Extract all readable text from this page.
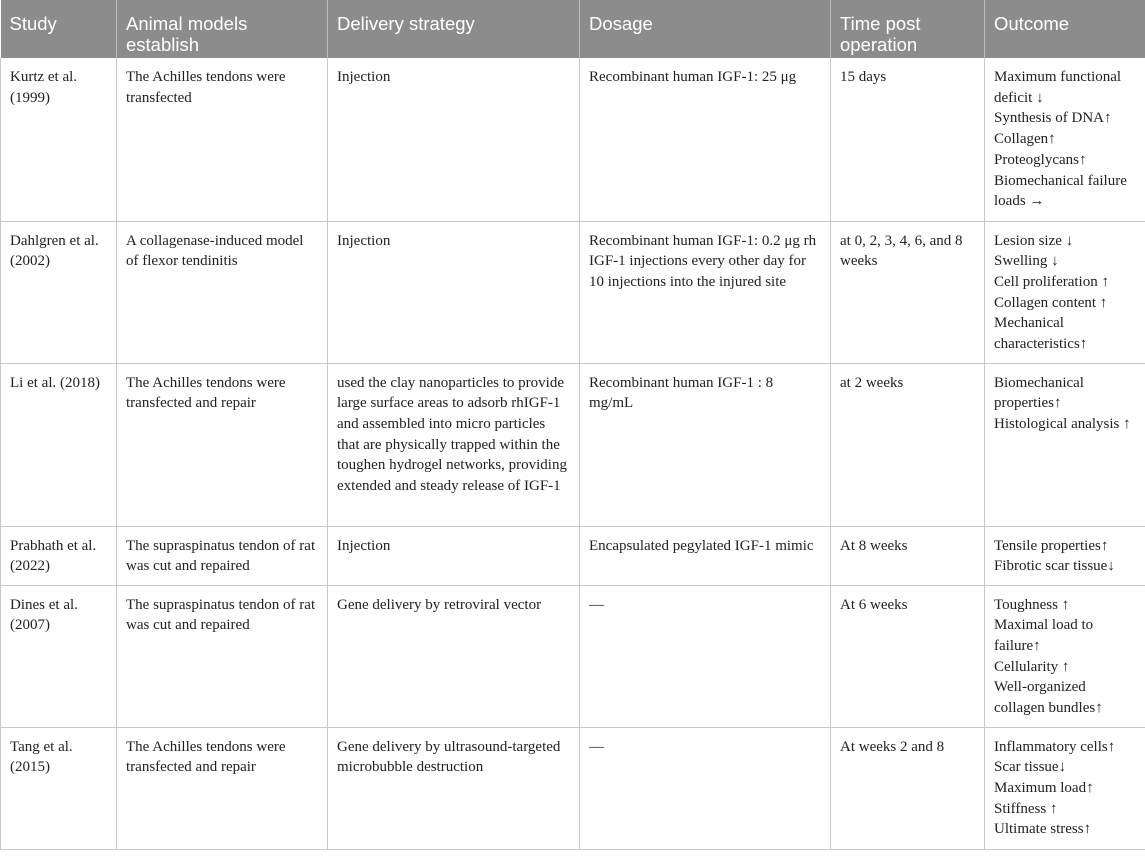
Study	Animal models establish	Delivery strategy	Dosage	Time post operation	Outcome
Kurtz et al. (1999)	The Achilles tendons were transfected	Injection	Recombinant human IGF-1: 25 μg	15 days	Maximum functional deficit ↓
Synthesis of DNA↑
Collagen↑
Proteoglycans↑
Biomechanical failure loads →

Dahlgren et al. (2002)	A collagenase-induced model of flexor tendinitis	Injection	Recombinant human IGF-1: 0.2 μg rh IGF-1 injections every other day for 10 injections into the injured site	at 0, 2, 3, 4, 6, and 8 weeks	Lesion size ↓
Swelling ↓
Cell proliferation ↑
Collagen content ↑
Mechanical characteristics↑

Li et al. (2018)	The Achilles tendons were transfected and repair	used the clay nanoparticles to provide large surface areas to adsorb rhIGF-1 and assembled into micro particles that are physically trapped within the toughen hydrogel networks, providing extended and steady release of IGF-1	Recombinant human IGF-1 : 8 mg/mL	at 2 weeks	Biomechanical properties↑
Histological analysis ↑

Prabhath et al. (2022)	The supraspinatus tendon of rat was cut and repaired	Injection	Encapsulated pegylated IGF-1 mimic	At 8 weeks	Tensile properties↑
Fibrotic scar tissue↓

Dines et al. (2007)	The supraspinatus tendon of rat was cut and repaired	Gene delivery by retroviral vector	—	At 6 weeks	Toughness ↑
Maximal load to failure↑
Cellularity ↑
Well-organized collagen bundles↑

Tang et al. (2015)	The Achilles tendons were transfected and repair	Gene delivery by ultrasound-targeted microbubble destruction	—	At weeks 2 and 8	Inflammatory cells↑
Scar tissue↓
Maximum load↑
Stiffness ↑
Ultimate stress↑
